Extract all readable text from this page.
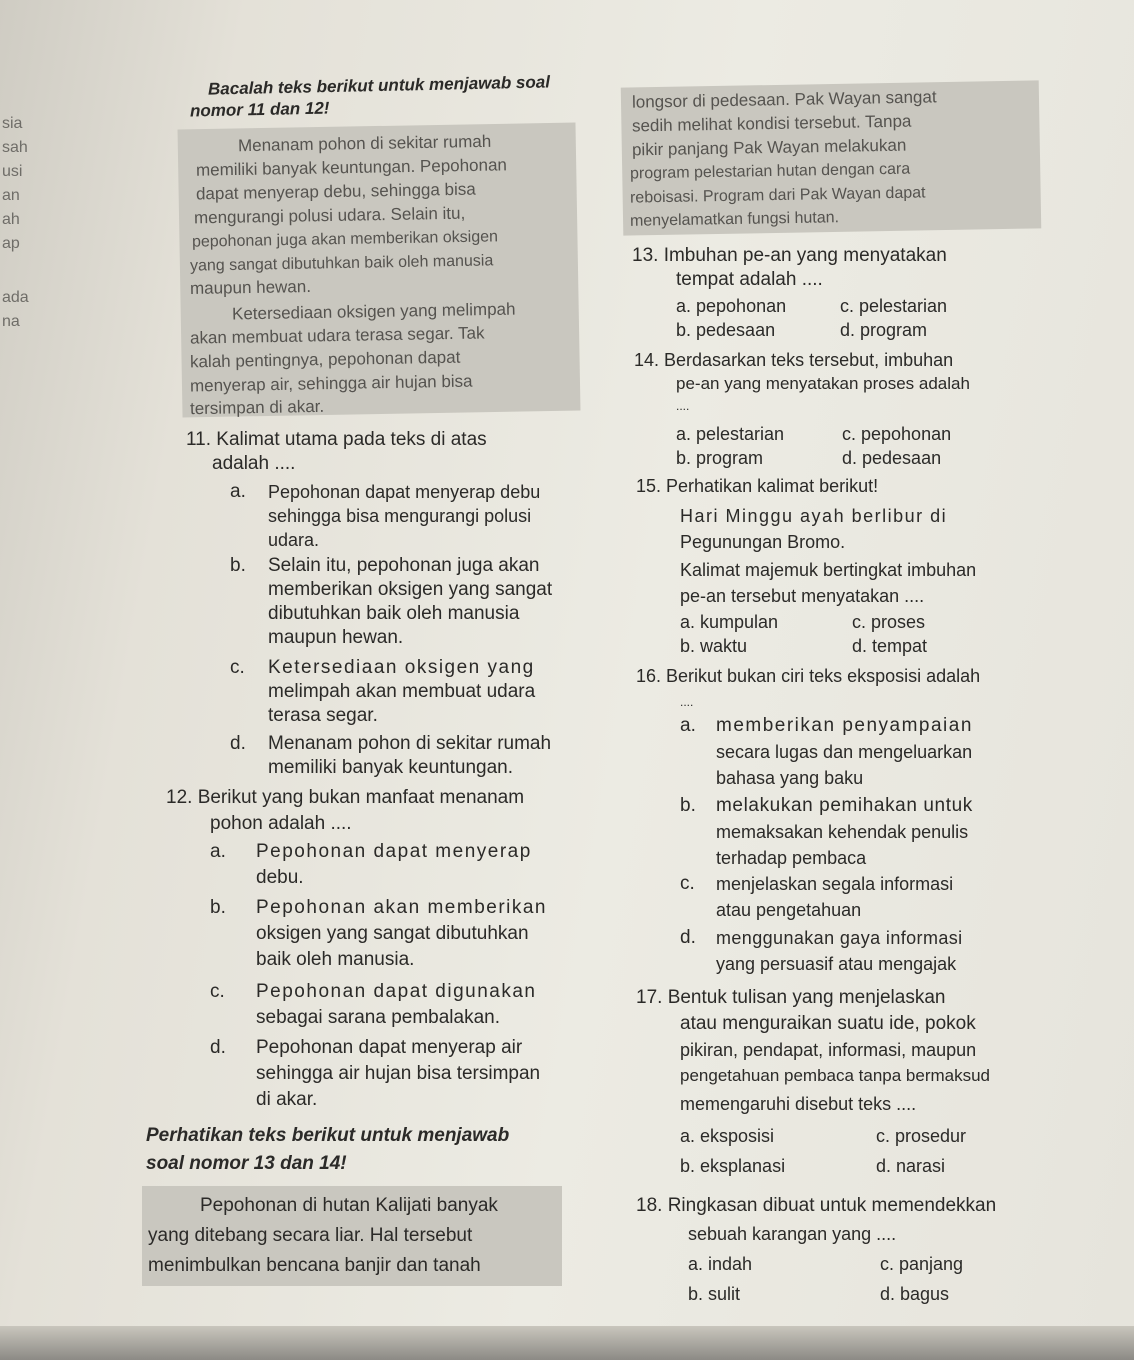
sia
sah
usi
an
ah
ap
ada
na
Bacalah teks berikut untuk menjawab soal
nomor 11 dan 12!
Menanam pohon di sekitar rumah
memiliki banyak keuntungan. Pepohonan
dapat menyerap debu, sehingga bisa
mengurangi polusi udara. Selain itu,
pepohonan juga akan memberikan oksigen
yang sangat dibutuhkan baik oleh manusia
maupun hewan.
Ketersediaan oksigen yang melimpah
akan membuat udara terasa segar. Tak
kalah pentingnya, pepohonan dapat
menyerap air, sehingga air hujan bisa
tersimpan di akar.
11. Kalimat utama pada teks di atas
adalah ....
a. Pepohonan dapat menyerap debu
sehingga bisa mengurangi polusi
udara.
b. Selain itu, pepohonan juga akan
memberikan oksigen yang sangat
dibutuhkan baik oleh manusia
maupun hewan.
c. Ketersediaan oksigen yang
melimpah akan membuat udara
terasa segar.
d. Menanam pohon di sekitar rumah
memiliki banyak keuntungan.
12. Berikut yang bukan manfaat menanam
pohon adalah ....
a. Pepohonan dapat menyerap
debu.
b. Pepohonan akan memberikan
oksigen yang sangat dibutuhkan
baik oleh manusia.
c. Pepohonan dapat digunakan
sebagai sarana pembalakan.
d. Pepohonan dapat menyerap air
sehingga air hujan bisa tersimpan
di akar.
Perhatikan teks berikut untuk menjawab
soal nomor 13 dan 14!
Pepohonan di hutan Kalijati banyak
yang ditebang secara liar. Hal tersebut
menimbulkan bencana banjir dan tanah
longsor di pedesaan. Pak Wayan sangat
sedih melihat kondisi tersebut. Tanpa
pikir panjang Pak Wayan melakukan
program pelestarian hutan dengan cara
reboisasi. Program dari Pak Wayan dapat
menyelamatkan fungsi hutan.
13. Imbuhan pe-an yang menyatakan
tempat adalah ....
a. pepohonan	c. pelestarian
b. pedesaan	d. program
14. Berdasarkan teks tersebut, imbuhan
pe-an yang menyatakan proses adalah
....
a. pelestarian	c. pepohonan
b. program	d. pedesaan
15. Perhatikan kalimat berikut!
Hari Minggu ayah berlibur di
Pegunungan Bromo.
Kalimat majemuk bertingkat imbuhan
pe-an tersebut menyatakan ....
a. kumpulan	c. proses
b. waktu	d. tempat
16. Berikut bukan ciri teks eksposisi adalah
....
a. memberikan penyampaian
secara lugas dan mengeluarkan
bahasa yang baku
b. melakukan pemihakan untuk
memaksakan kehendak penulis
terhadap pembaca
c. menjelaskan segala informasi
atau pengetahuan
d. menggunakan gaya informasi
yang persuasif atau mengajak
17. Bentuk tulisan yang menjelaskan
atau menguraikan suatu ide, pokok
pikiran, pendapat, informasi, maupun
pengetahuan pembaca tanpa bermaksud
memengaruhi disebut teks ....
a. eksposisi	c. prosedur
b. eksplanasi	d. narasi
18. Ringkasan dibuat untuk memendekkan
sebuah karangan yang ....
a. indah	c. panjang
b. sulit	d. bagus
